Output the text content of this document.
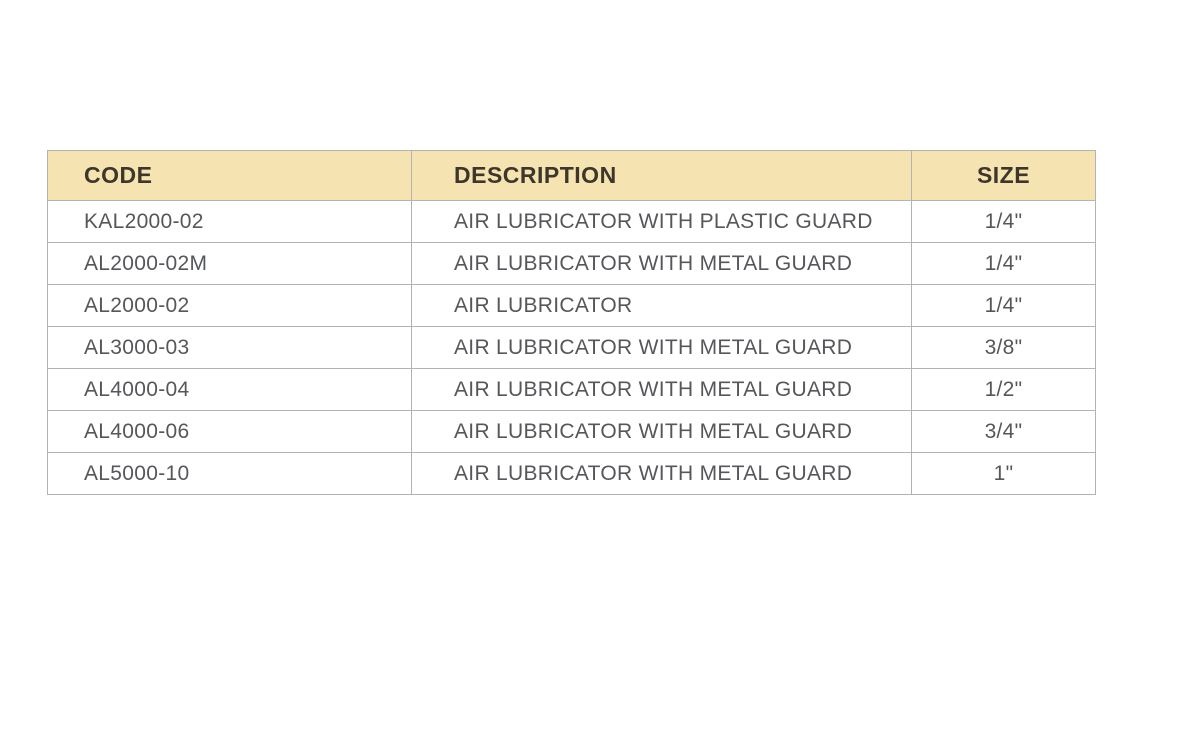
CODE	DESCRIPTION	SIZE
KAL2000-02	AIR LUBRICATOR WITH PLASTIC GUARD	1/4"
AL2000-02M	AIR LUBRICATOR WITH METAL GUARD	1/4"
AL2000-02	AIR LUBRICATOR	1/4"
AL3000-03	AIR LUBRICATOR WITH METAL GUARD	3/8"
AL4000-04	AIR LUBRICATOR WITH METAL GUARD	1/2"
AL4000-06	AIR LUBRICATOR WITH METAL GUARD	3/4"
AL5000-10	AIR LUBRICATOR WITH METAL GUARD	1"
